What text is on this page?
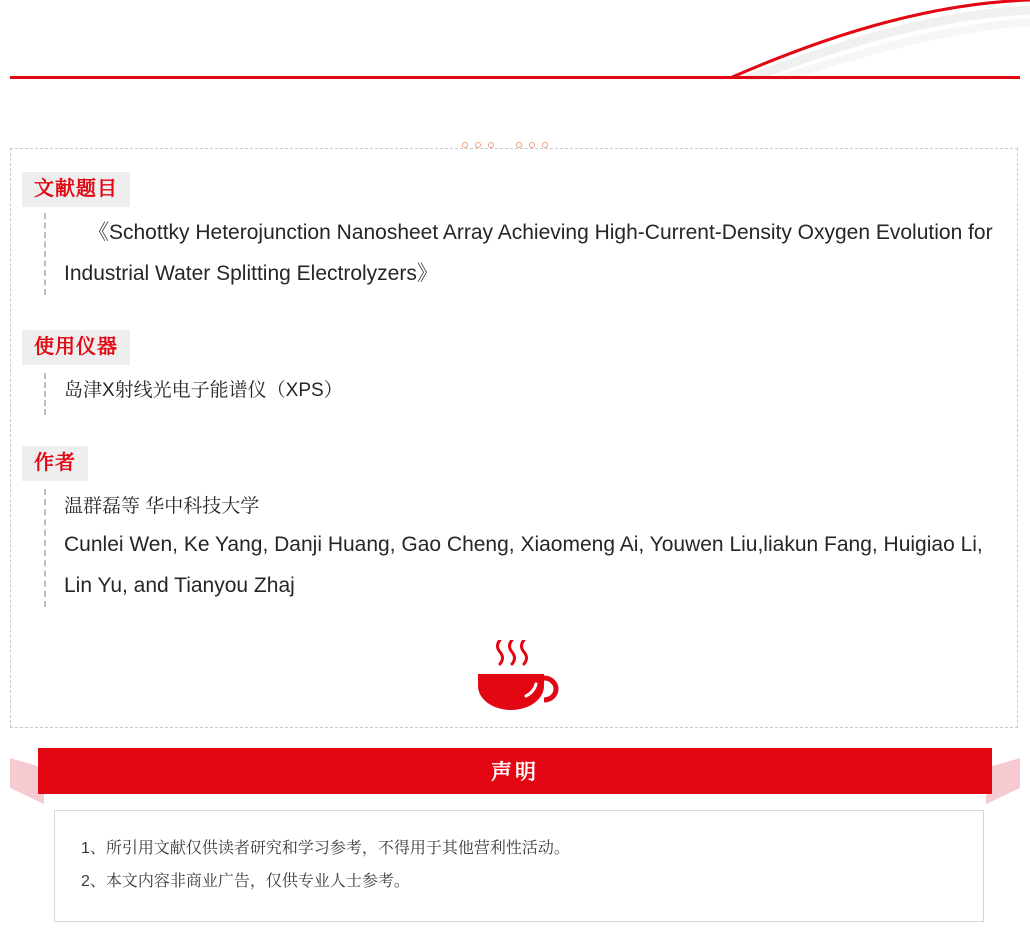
文献题目
《Schottky Heterojunction Nanosheet Array Achieving High-Current-Density Oxygen Evolution for Industrial Water Splitting Electrolyzers》
使用仪器
岛津X射线光电子能谱仪（XPS）
作者
温群磊等 华中科技大学
Cunlei Wen, Ke Yang, Danji Huang, Gao Cheng, Xiaomeng Ai, Youwen Liu,liakun Fang, Huigiao Li, Lin Yu, and Tianyou Zhaj
声明
1、所引用文献仅供读者研究和学习参考，不得用于其他营利性活动。
2、本文内容非商业广告，仅供专业人士参考。
